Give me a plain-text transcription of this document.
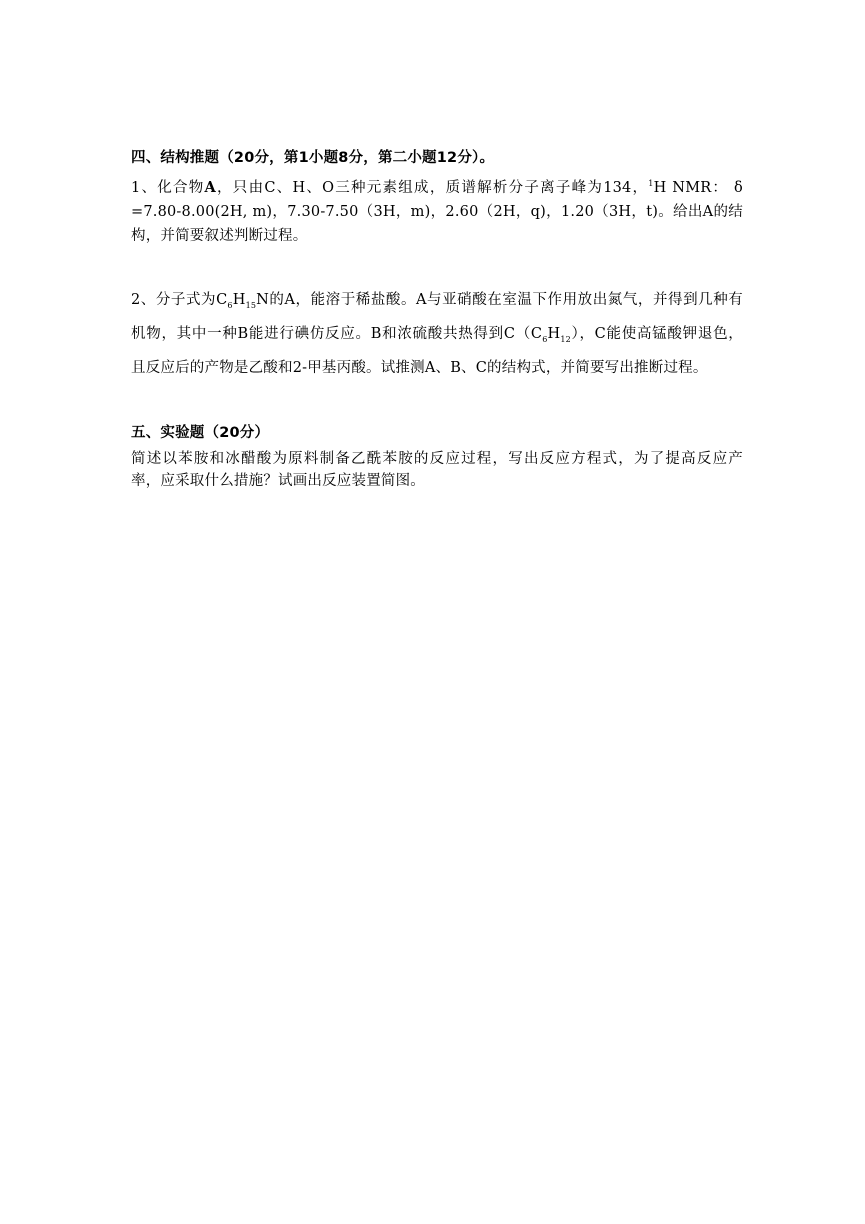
四、结构推题（20分，第1小题8分，第二小题12分）。
1、化合物A，只由C、H、O三种元素组成，质谱解析分子离子峰为134，$^1$H NMR： δ
=7.80-8.00(2H, m)，7.30-7.50（3H，m)，2.60（2H，q)，1.20（3H，t)。给出A的结
构，并简要叙述判断过程。
2、分子式为$C_6H_{15}N$的A，能溶于稀盐酸。A与亚硝酸在室温下作用放出氮气，并得到几种有
机物，其中一种B能进行碘仿反应。B和浓硫酸共热得到$C(C_6H_{12})$，C能使高锰酸钾退色，
且反应后的产物是乙酸和2-甲基丙酸。试推测A、B、C的结构式，并简要写出推断过程。
五、实验题（20分）
简述以苯胺和冰醋酸为原料制备乙酰苯胺的反应过程，写出反应方程式，为了提高反应产
率，应采取什么措施？试画出反应装置简图。
